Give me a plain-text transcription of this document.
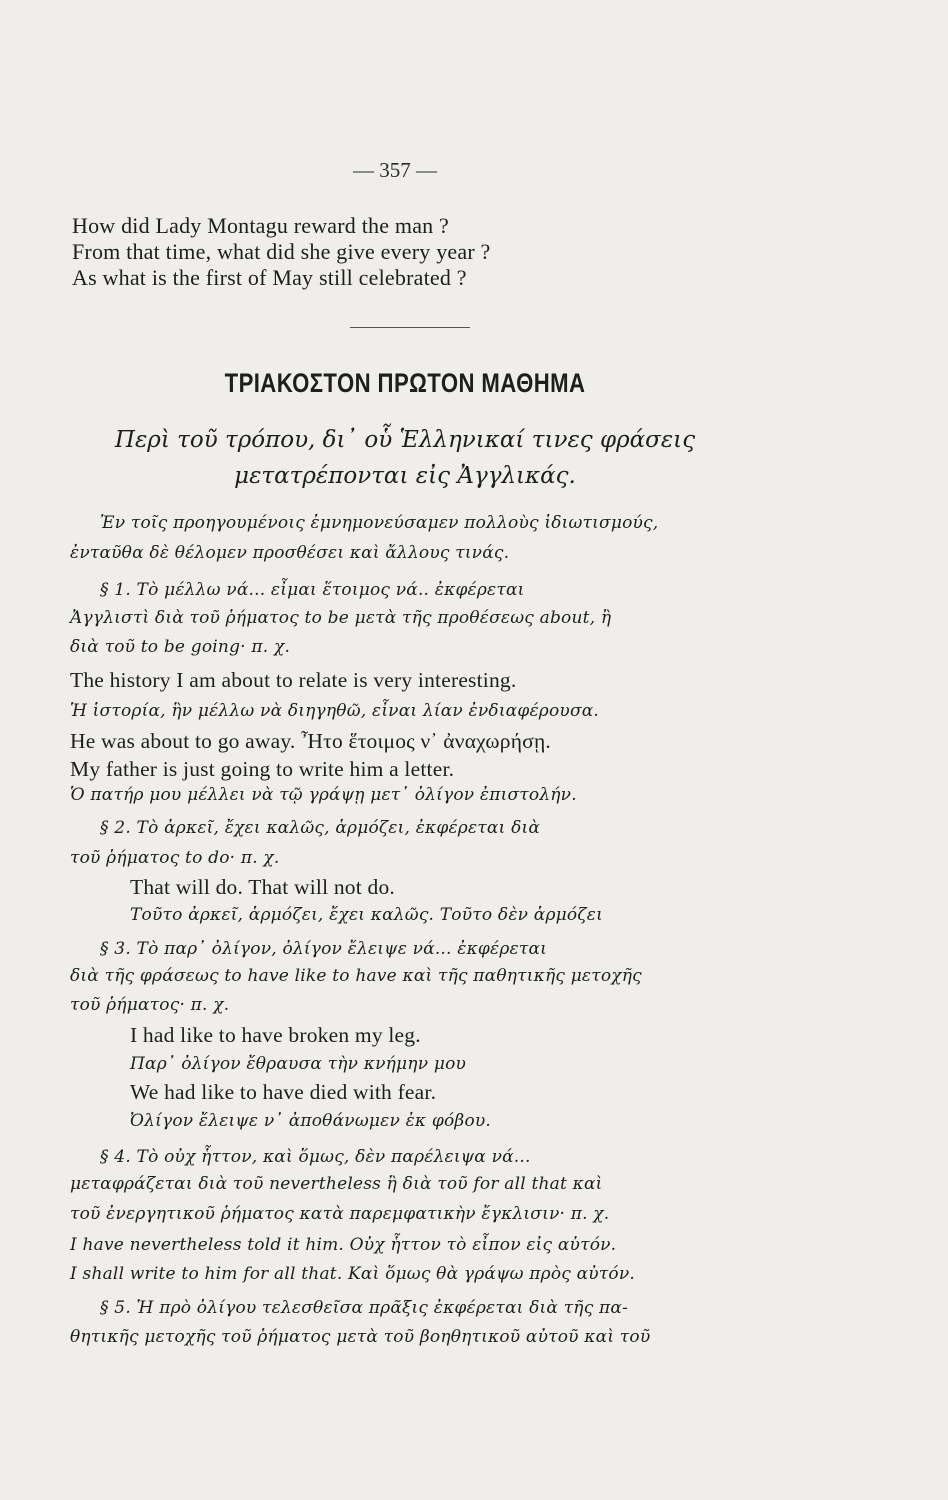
— 357 —
How did Lady Montagu reward the man ?
From that time, what did she give every year ?
As what is the first of May still celebrated ?
ΤΡΙΑΚΟΣΤΟΝ ΠΡΩΤΟΝ ΜΑΘΗΜΑ
Περὶ τοῦ τρόπου, δι᾽ οὗ Ἑλληνικαί τινες φράσεις
μετατρέπονται εἰς Ἀγγλικάς.
Ἐν τοῖς προηγουμένοις ἐμνημονεύσαμεν πολλοὺς ἰδιωτισμούς,
ἐνταῦθα δὲ θέλομεν προσθέσει καὶ ἄλλους τινάς.
§ 1. Τὸ μέλλω νά... εἶμαι ἕτοιμος νά.. ἐκφέρεται
Ἀγγλιστὶ διὰ τοῦ ῥήματος to be μετὰ τῆς προθέσεως about, ἢ
διὰ τοῦ to be going· π. χ.
The history I am about to relate is very interesting.
Ἡ ἱστορία, ἣν μέλλω νὰ διηγηθῶ, εἶναι λίαν ἐνδιαφέρουσα.
He was about to go away. Ἦτο ἕτοιμος ν᾽ ἀναχωρήσῃ.
My father is just going to write him a letter.
Ὁ πατήρ μου μέλλει νὰ τῷ γράψῃ μετ᾽ ὀλίγον ἐπιστολήν.
§ 2. Τὸ ἀρκεῖ, ἔχει καλῶς, ἁρμόζει, ἐκφέρεται διὰ
τοῦ ῥήματος to do· π. χ.
That will do. That will not do.
Τοῦτο ἀρκεῖ, ἁρμόζει, ἔχει καλῶς. Τοῦτο δὲν ἁρμόζει
§ 3. Τὸ παρ᾽ ὀλίγον, ὀλίγον ἔλειψε νά... ἐκφέρεται
διὰ τῆς φράσεως to have like to have καὶ τῆς παθητικῆς μετοχῆς
τοῦ ῥήματος· π. χ.
I had like to have broken my leg.
Παρ᾽ ὀλίγον ἔθραυσα τὴν κνήμην μου
We had like to have died with fear.
Ὀλίγον ἔλειψε ν᾽ ἀποθάνωμεν ἐκ φόβου.
§ 4. Τὸ οὐχ ἧττον, καὶ ὅμως, δὲν παρέλειψα νά...
μεταφράζεται διὰ τοῦ nevertheless ἢ διὰ τοῦ for all that καὶ
τοῦ ἐνεργητικοῦ ῥήματος κατὰ παρεμφατικὴν ἔγκλισιν· π. χ.
I have nevertheless told it him. Οὐχ ἧττον τὸ εἶπον εἰς αὐτόν.
I shall write to him for all that. Καὶ ὅμως θὰ γράψω πρὸς αὐτόν.
§ 5. Ἡ πρὸ ὀλίγου τελεσθεῖσα πρᾶξις ἐκφέρεται διὰ τῆς πα-
θητικῆς μετοχῆς τοῦ ῥήματος μετὰ τοῦ βοηθητικοῦ αὐτοῦ καὶ τοῦ
